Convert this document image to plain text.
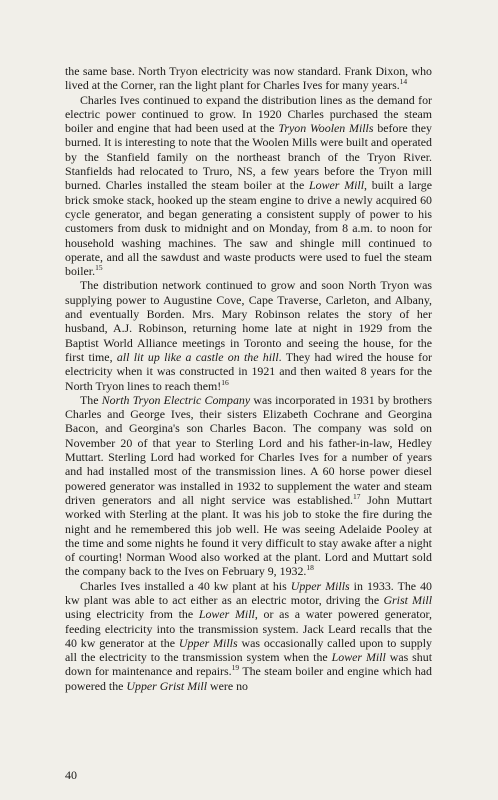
the same base. North Tryon electricity was now standard. Frank Dixon, who lived at the Corner, ran the light plant for Charles Ives for many years.$^{14}$

Charles Ives continued to expand the distribution lines as the demand for electric power continued to grow. In 1920 Charles purchased the steam boiler and engine that had been used at the Tryon Woolen Mills before they burned. It is interesting to note that the Woolen Mills were built and operated by the Stanfield family on the northeast branch of the Tryon River. Stanfields had relocated to Truro, NS, a few years before the Tryon mill burned. Charles installed the steam boiler at the Lower Mill, built a large brick smoke stack, hooked up the steam engine to drive a newly acquired 60 cycle generator, and began generating a consistent supply of power to his customers from dusk to midnight and on Monday, from 8 a.m. to noon for household washing machines. The saw and shingle mill continued to operate, and all the sawdust and waste products were used to fuel the steam boiler.$^{15}$

The distribution network continued to grow and soon North Tryon was supplying power to Augustine Cove, Cape Traverse, Carleton, and Albany, and eventually Borden. Mrs. Mary Robinson relates the story of her husband, A.J. Robinson, returning home late at night in 1929 from the Baptist World Alliance meetings in Toronto and seeing the house, for the first time, all lit up like a castle on the hill. They had wired the house for electricity when it was constructed in 1921 and then waited 8 years for the North Tryon lines to reach them!$^{16}$

The North Tryon Electric Company was incorporated in 1931 by brothers Charles and George Ives, their sisters Elizabeth Cochrane and Georgina Bacon, and Georgina's son Charles Bacon. The company was sold on November 20 of that year to Sterling Lord and his father-in-law, Hedley Muttart. Sterling Lord had worked for Charles Ives for a number of years and had installed most of the transmission lines. A 60 horse power diesel powered generator was installed in 1932 to supplement the water and steam driven generators and all night service was established.$^{17}$ John Muttart worked with Sterling at the plant. It was his job to stoke the fire during the night and he remembered this job well. He was seeing Adelaide Pooley at the time and some nights he found it very difficult to stay awake after a night of courting! Norman Wood also worked at the plant. Lord and Muttart sold the company back to the Ives on February 9, 1932.18

Charles Ives installed a 40 kw plant at his Upper Mills in 1933. The 40 kw plant was able to act either as an electric motor, driving the Grist Mill using electricity from the Lower Mill, or as a water powered generator, feeding electricity into the transmission system. Jack Leard recalls that the 40 kw generator at the Upper Mills was occasionally called upon to supply all the electricity to the transmission system when the Lower Mill was shut down for maintenance and repairs.$^{19}$ The steam boiler and engine which had powered the Upper Grist Mill were no

40
